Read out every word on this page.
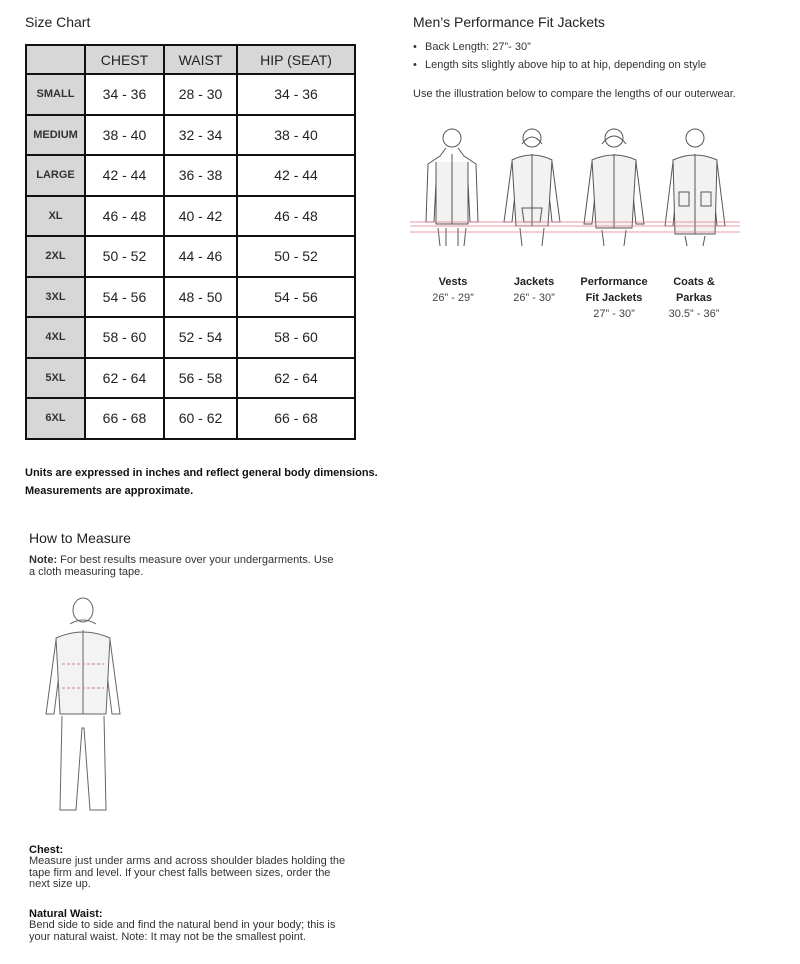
Size Chart
	CHEST	WAIST	HIP (SEAT)
SMALL	34 - 36	28 - 30	34 - 36
MEDIUM	38 - 40	32 - 34	38 - 40
LARGE	42 - 44	36 - 38	42 - 44
XL	46 - 48	40 - 42	46 - 48
2XL	50 - 52	44 - 46	50 - 52
3XL	54 - 56	48 - 50	54 - 56
4XL	58 - 60	52 - 54	58 - 60
5XL	62 - 64	56 - 58	62 - 64
6XL	66 - 68	60 - 62	66 - 68
Units are expressed in inches and reflect general body dimensions.
Measurements are approximate.
Men’s Performance Fit Jackets
• Back Length: 27”- 30”
• Length sits slightly above hip to at hip, depending on style
Use the illustration below to compare the lengths of our outerwear.
Vests
26” - 29”
Jackets
26” - 30”
Performance
Fit Jackets
27” - 30”
Coats &
Parkas
30.5” - 36”
How to Measure
Note: For best results measure over your undergarments. Use a cloth measuring tape.
Chest:
Measure just under arms and across shoulder blades holding the tape firm and level. If your chest falls between sizes, order the next size up.
Natural Waist:
Bend side to side and find the natural bend in your body; this is your natural waist. Note: It may not be the smallest point.
